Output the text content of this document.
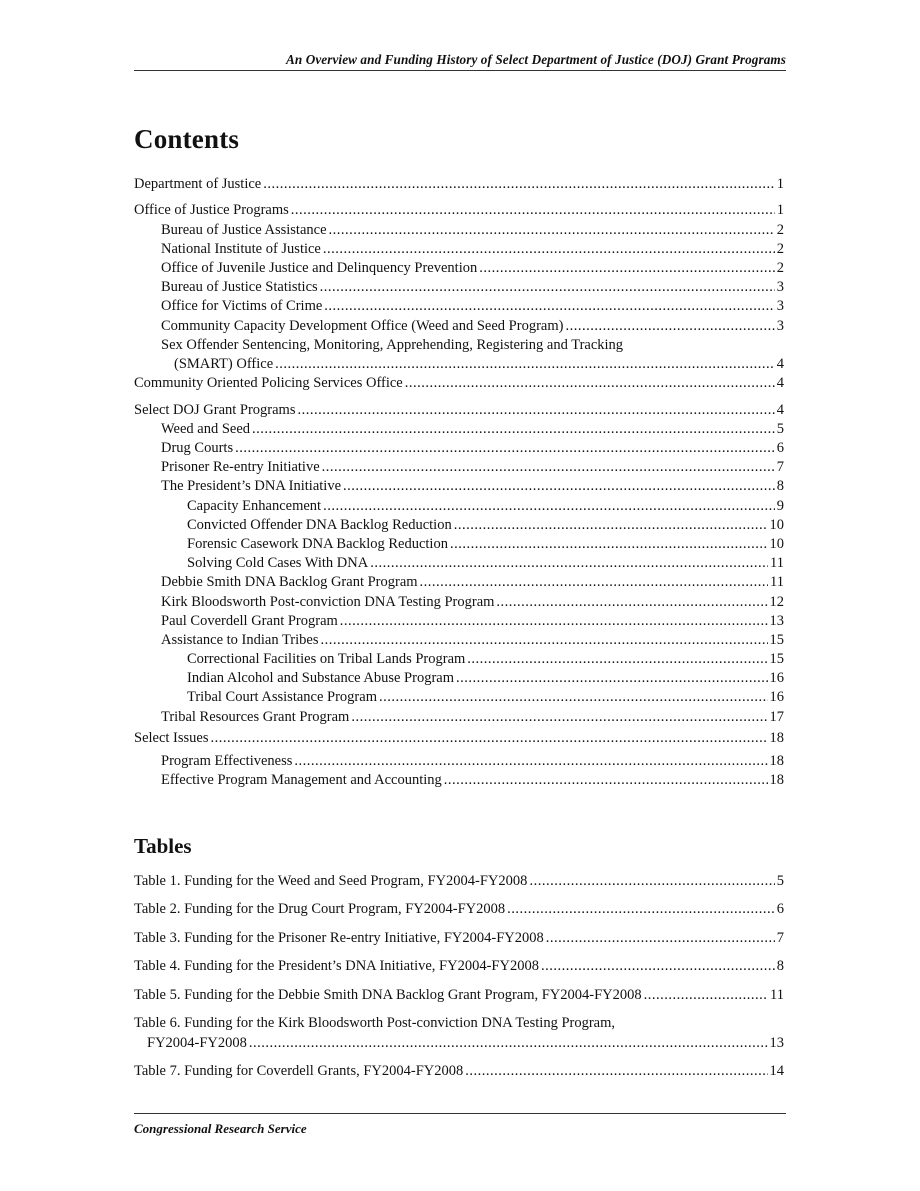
An Overview and Funding History of Select Department of Justice (DOJ) Grant Programs
Contents
Department of Justice .....	1
Office of Justice Programs .....	1
Bureau of Justice Assistance .....	2
National Institute of Justice .....	2
Office of Juvenile Justice and Delinquency Prevention .....	2
Bureau of Justice Statistics .....	3
Office for Victims of Crime .....	3
Community Capacity Development Office (Weed and Seed Program) .....	3
Sex Offender Sentencing, Monitoring, Apprehending, Registering and Tracking
(SMART) Office .....	4
Community Oriented Policing Services Office .....	4
Select DOJ Grant Programs .....	4
Weed and Seed .....	5
Drug Courts .....	6
Prisoner Re-entry Initiative .....	7
The President’s DNA Initiative .....	8
Capacity Enhancement .....	9
Convicted Offender DNA Backlog Reduction .....	10
Forensic Casework DNA Backlog Reduction .....	10
Solving Cold Cases With DNA .....	11
Debbie Smith DNA Backlog Grant Program .....	11
Kirk Bloodsworth Post-conviction DNA Testing Program .....	12
Paul Coverdell Grant Program .....	13
Assistance to Indian Tribes .....	15
Correctional Facilities on Tribal Lands Program .....	15
Indian Alcohol and Substance Abuse Program .....	16
Tribal Court Assistance Program .....	16
Tribal Resources Grant Program .....	17
Select Issues .....	18
Program Effectiveness .....	18
Effective Program Management and Accounting .....	18
Tables
Table 1. Funding for the Weed and Seed Program, FY2004-FY2008 .....	5
Table 2. Funding for the Drug Court Program, FY2004-FY2008 .....	6
Table 3. Funding for the Prisoner Re-entry Initiative, FY2004-FY2008 .....	7
Table 4. Funding for the President’s DNA Initiative, FY2004-FY2008 .....	8
Table 5. Funding for the Debbie Smith DNA Backlog Grant Program, FY2004-FY2008 .....	11
Table 6. Funding for the Kirk Bloodsworth Post-conviction DNA Testing Program,
FY2004-FY2008 .....	13
Table 7. Funding for Coverdell Grants, FY2004-FY2008 .....	14
Congressional Research Service
